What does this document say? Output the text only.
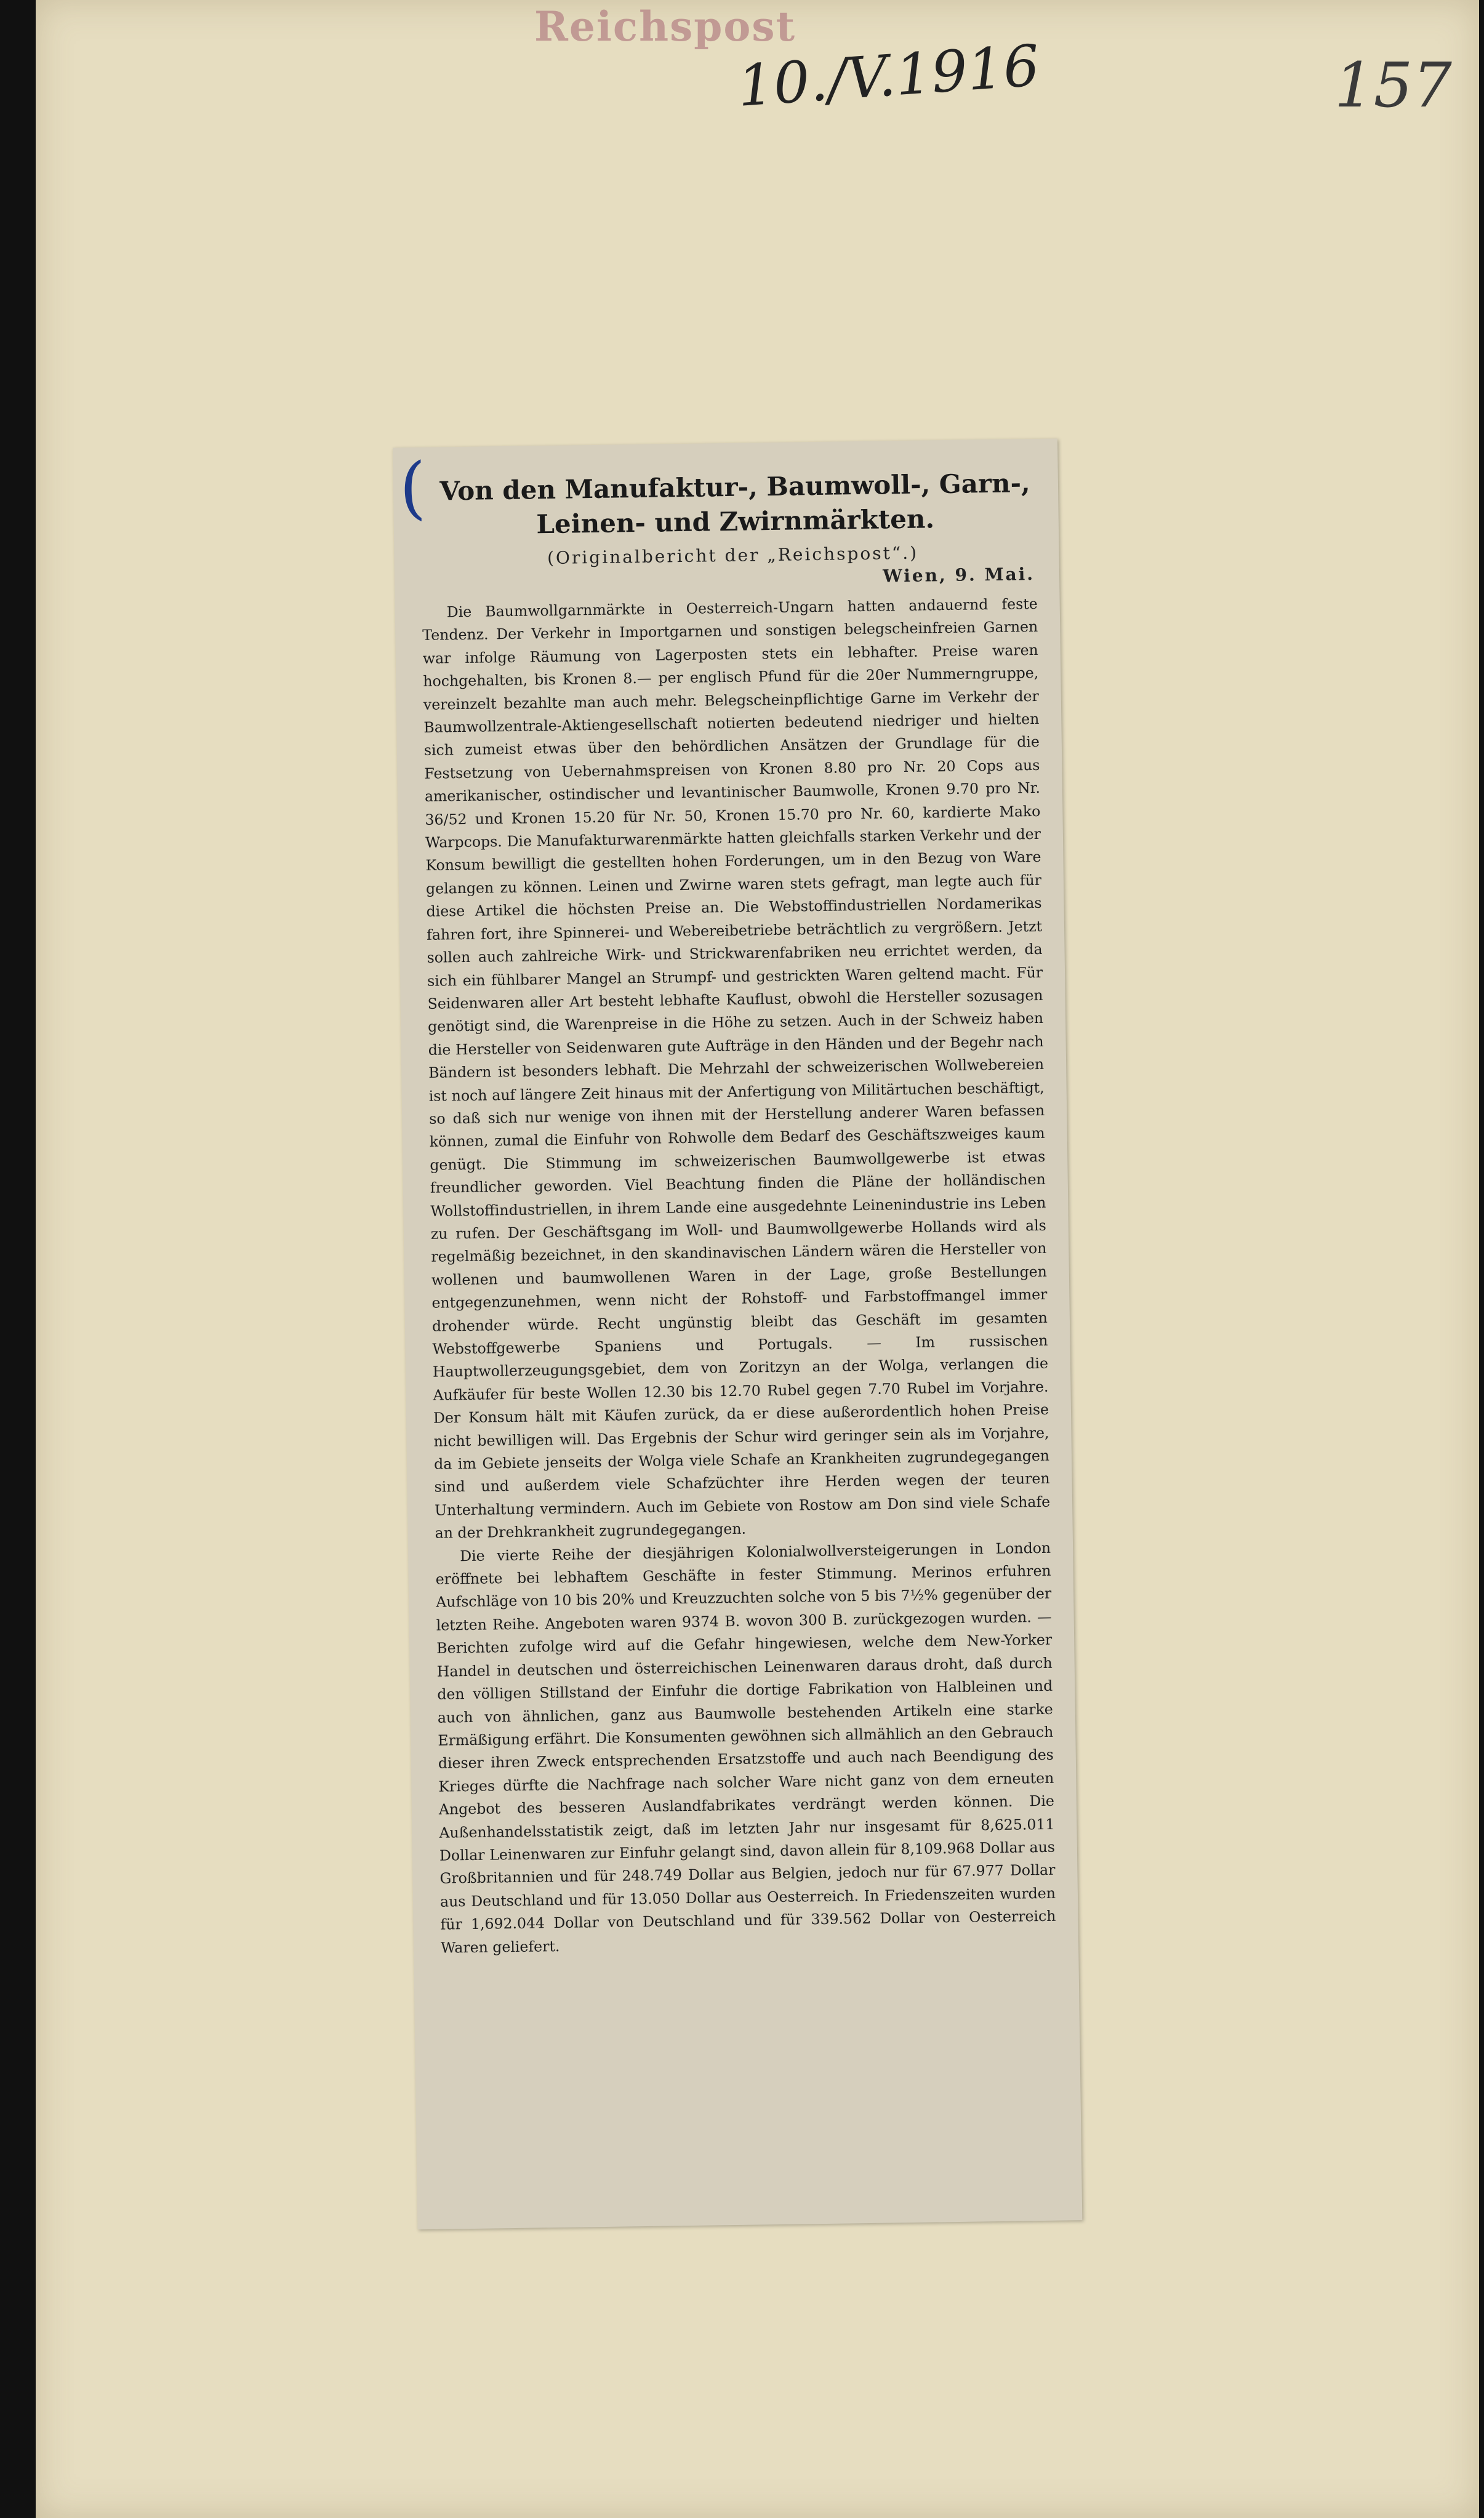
Reichspost
10./V.1916	157
( Von den Manufaktur-, Baumwoll-, Garn-, Leinen- und Zwirnmärkten.
(Originalbericht der „Reichspost“.)
Wien, 9. Mai.

Die Baumwollgarnmärkte in Oesterreich-Ungarn hatten andauernd feste Tendenz. Der Verkehr in Importgarnen und sonstigen belegscheinfreien Garnen war infolge Räumung von Lagerposten stets ein lebhafter. Preise waren hochgehalten, bis Kronen 8.— per englisch Pfund für die 20er Nummerngruppe, vereinzelt bezahlte man auch mehr. Belegscheinpflichtige Garne im Verkehr der Baumwollzentrale-Aktiengesellschaft notierten bedeutend niedriger und hielten sich zumeist etwas über den behördlichen Ansätzen der Grundlage für die Festsetzung von Uebernahmspreisen von Kronen 8.80 pro Nr. 20 Cops aus amerikanischer, ostindischer und levantinischer Baumwolle, Kronen 9.70 pro Nr. 36/52 und Kronen 15.20 für Nr. 50, Kronen 15.70 pro Nr. 60, kardierte Mako Warpcops. Die Manufakturwarenmärkte hatten gleichfalls starken Verkehr und der Konsum bewilligt die gestellten hohen Forderungen, um in den Bezug von Ware gelangen zu können. Leinen und Zwirne waren stets gefragt, man legte auch für diese Artikel die höchsten Preise an. Die Webstoffindustriellen Nordamerikas fahren fort, ihre Spinnerei- und Webereibetriebe beträchtlich zu vergrößern. Jetzt sollen auch zahlreiche Wirk- und Strickwarenfabriken neu errichtet werden, da sich ein fühlbarer Mangel an Strumpf- und gestrickten Waren geltend macht. Für Seidenwaren aller Art besteht lebhafte Kauflust, obwohl die Hersteller sozusagen genötigt sind, die Warenpreise in die Höhe zu setzen. Auch in der Schweiz haben die Hersteller von Seidenwaren gute Aufträge in den Händen und der Begehr nach Bändern ist besonders lebhaft. Die Mehrzahl der schweizerischen Wollwebereien ist noch auf längere Zeit hinaus mit der Anfertigung von Militärtuchen beschäftigt, so daß sich nur wenige von ihnen mit der Herstellung anderer Waren befassen können, zumal die Einfuhr von Rohwolle dem Bedarf des Geschäftszweiges kaum genügt. Die Stimmung im schweizerischen Baumwollgewerbe ist etwas freundlicher geworden. Viel Beachtung finden die Pläne der holländischen Wollstoffindustriellen, in ihrem Lande eine ausgedehnte Leinenindustrie ins Leben zu rufen. Der Geschäftsgang im Woll- und Baumwollgewerbe Hollands wird als regelmäßig bezeichnet, in den skandinavischen Ländern wären die Hersteller von wollenen und baumwollenen Waren in der Lage, große Bestellungen entgegenzunehmen, wenn nicht der Rohstoff- und Farbstoffmangel immer drohender würde. Recht ungünstig bleibt das Geschäft im gesamten Webstoffgewerbe Spaniens und Portugals. — Im russischen Hauptwollerzeugungsgebiet, dem von Zoritzyn an der Wolga, verlangen die Aufkäufer für beste Wollen 12.30 bis 12.70 Rubel gegen 7.70 Rubel im Vorjahre. Der Konsum hält mit Käufen zurück, da er diese außerordentlich hohen Preise nicht bewilligen will. Das Ergebnis der Schur wird geringer sein als im Vorjahre, da im Gebiete jenseits der Wolga viele Schafe an Krankheiten zugrundegegangen sind und außerdem viele Schafzüchter ihre Herden wegen der teuren Unterhaltung vermindern. Auch im Gebiete von Rostow am Don sind viele Schafe an der Drehkrankheit zugrundegegangen.

Die vierte Reihe der diesjährigen Kolonialwollversteigerungen in London eröffnete bei lebhaftem Geschäfte in fester Stimmung. Merinos erfuhren Aufschläge von 10 bis 20% und Kreuzzuchten solche von 5 bis 7½% gegenüber der letzten Reihe. Angeboten waren 9374 B. wovon 300 B. zurückgezogen wurden. — Berichten zufolge wird auf die Gefahr hingewiesen, welche dem New-Yorker Handel in deutschen und österreichischen Leinenwaren daraus droht, daß durch den völligen Stillstand der Einfuhr die dortige Fabrikation von Halbleinen und auch von ähnlichen, ganz aus Baumwolle bestehenden Artikeln eine starke Ermäßigung erfährt. Die Konsumenten gewöhnen sich allmählich an den Gebrauch dieser ihren Zweck entsprechenden Ersatzstoffe und auch nach Beendigung des Krieges dürfte die Nachfrage nach solcher Ware nicht ganz von dem erneuten Angebot des besseren Auslandfabrikates verdrängt werden können. Die Außenhandelsstatistik zeigt, daß im letzten Jahr nur insgesamt für 8,625.011 Dollar Leinenwaren zur Einfuhr gelangt sind, davon allein für 8,109.968 Dollar aus Großbritannien und für 248.749 Dollar aus Belgien, jedoch nur für 67.977 Dollar aus Deutschland und für 13.050 Dollar aus Oesterreich. In Friedenszeiten wurden für 1,692.044 Dollar von Deutschland und für 339.562 Dollar von Oesterreich Waren geliefert.
